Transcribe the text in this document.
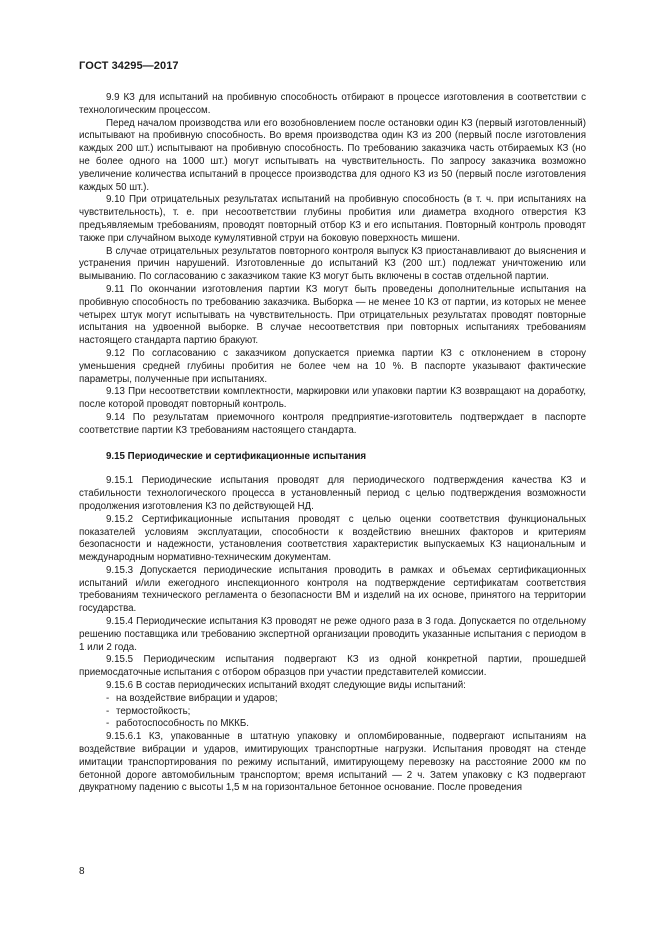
ГОСТ 34295—2017

9.9 КЗ для испытаний на пробивную способность отбирают в процессе изготовления в соответствии с технологическим процессом.

Перед началом производства или его возобновлением после остановки один КЗ (первый изготовленный) испытывают на пробивную способность. Во время производства один КЗ из 200 (первый после изготовления каждых 200 шт.) испытывают на пробивную способность. По требованию заказчика часть отбираемых КЗ (но не более одного на 1000 шт.) могут испытывать на чувствительность. По запросу заказчика возможно увеличение количества испытаний в процессе производства для одного КЗ из 50 (первый после изготовления каждых 50 шт.).

9.10 При отрицательных результатах испытаний на пробивную способность (в т. ч. при испытаниях на чувствительность), т. е. при несоответствии глубины пробития или диаметра входного отверстия КЗ предъявляемым требованиям, проводят повторный отбор КЗ и его испытания. Повторный контроль проводят также при случайном выходе кумулятивной струи на боковую поверхность мишени.

В случае отрицательных результатов повторного контроля выпуск КЗ приостанавливают до выяснения и устранения причин нарушений. Изготовленные до испытаний КЗ (200 шт.) подлежат уничтожению или вымыванию. По согласованию с заказчиком такие КЗ могут быть включены в состав отдельной партии.

9.11 По окончании изготовления партии КЗ могут быть проведены дополнительные испытания на пробивную способность по требованию заказчика. Выборка — не менее 10 КЗ от партии, из которых не менее четырех штук могут испытывать на чувствительность. При отрицательных результатах проводят повторные испытания на удвоенной выборке. В случае несоответствия при повторных испытаниях требованиям настоящего стандарта партию бракуют.

9.12 По согласованию с заказчиком допускается приемка партии КЗ с отклонением в сторону уменьшения средней глубины пробития не более чем на 10 %. В паспорте указывают фактические параметры, полученные при испытаниях.

9.13 При несоответствии комплектности, маркировки или упаковки партии КЗ возвращают на доработку, после которой проводят повторный контроль.

9.14 По результатам приемочного контроля предприятие-изготовитель подтверждает в паспорте соответствие партии КЗ требованиям настоящего стандарта.

9.15 Периодические и сертификационные испытания

9.15.1 Периодические испытания проводят для периодического подтверждения качества КЗ и стабильности технологического процесса в установленный период с целью подтверждения возможности продолжения изготовления КЗ по действующей НД.

9.15.2 Сертификационные испытания проводят с целью оценки соответствия функциональных показателей условиям эксплуатации, способности к воздействию внешних факторов и критериям безопасности и надежности, установления соответствия характеристик выпускаемых КЗ национальным и международным нормативно-техническим документам.

9.15.3 Допускается периодические испытания проводить в рамках и объемах сертификационных испытаний и/или ежегодного инспекционного контроля на подтверждение сертификатам соответствия требованиям технического регламента о безопасности ВМ и изделий на их основе, принятого на территории государства.

9.15.4 Периодические испытания КЗ проводят не реже одного раза в 3 года. Допускается по отдельному решению поставщика или требованию экспертной организации проводить указанные испытания с периодом в 1 или 2 года.

9.15.5 Периодическим испытания подвергают КЗ из одной конкретной партии, прошедшей приемосдаточные испытания с отбором образцов при участии представителей комиссии.

9.15.6 В состав периодических испытаний входят следующие виды испытаний:

- на воздействие вибрации и ударов;
- термостойкость;
- работоспособность по МККБ.

9.15.6.1 КЗ, упакованные в штатную упаковку и опломбированные, подвергают испытаниям на воздействие вибрации и ударов, имитирующих транспортные нагрузки. Испытания проводят на стенде имитации транспортирования по режиму испытаний, имитирующему перевозку на расстояние 2000 км по бетонной дороге автомобильным транспортом; время испытаний — 2 ч. Затем упаковку с КЗ подвергают двукратному падению с высоты 1,5 м на горизонтальное бетонное основание. После проведения

8
